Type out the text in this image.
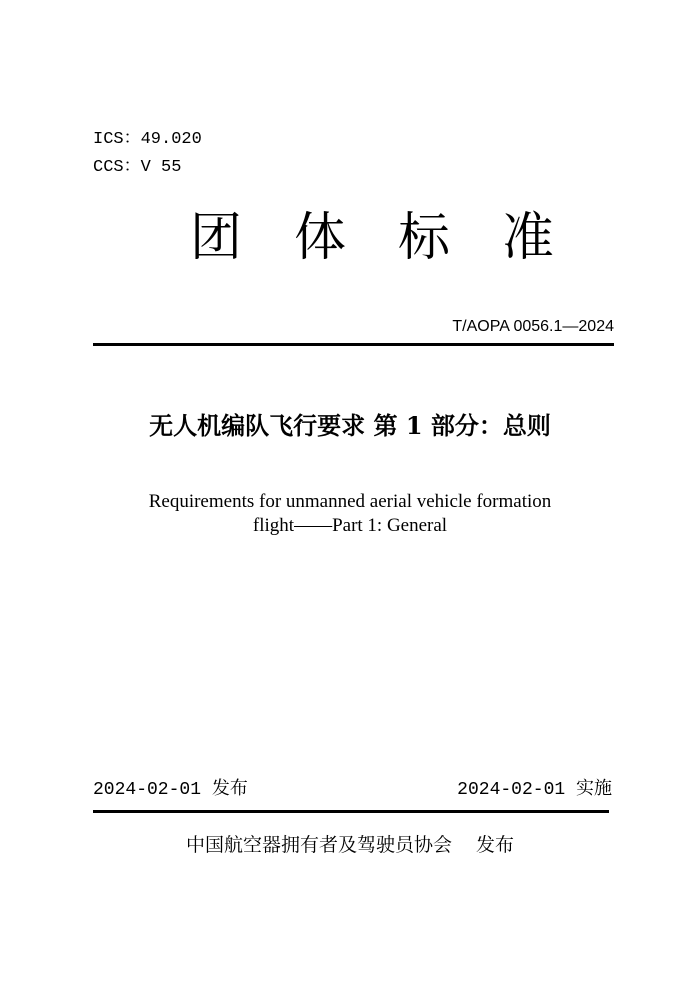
ICS：49.020
CCS：V 55
团体标准
T/AOPA 0056.1—2024
无人机编队飞行要求 第 1 部分：总则
Requirements for unmanned aerial vehicle formation
flight——Part 1: General
2024-02-01 发布	2024-02-01 实施
中国航空器拥有者及驾驶员协会 发布
